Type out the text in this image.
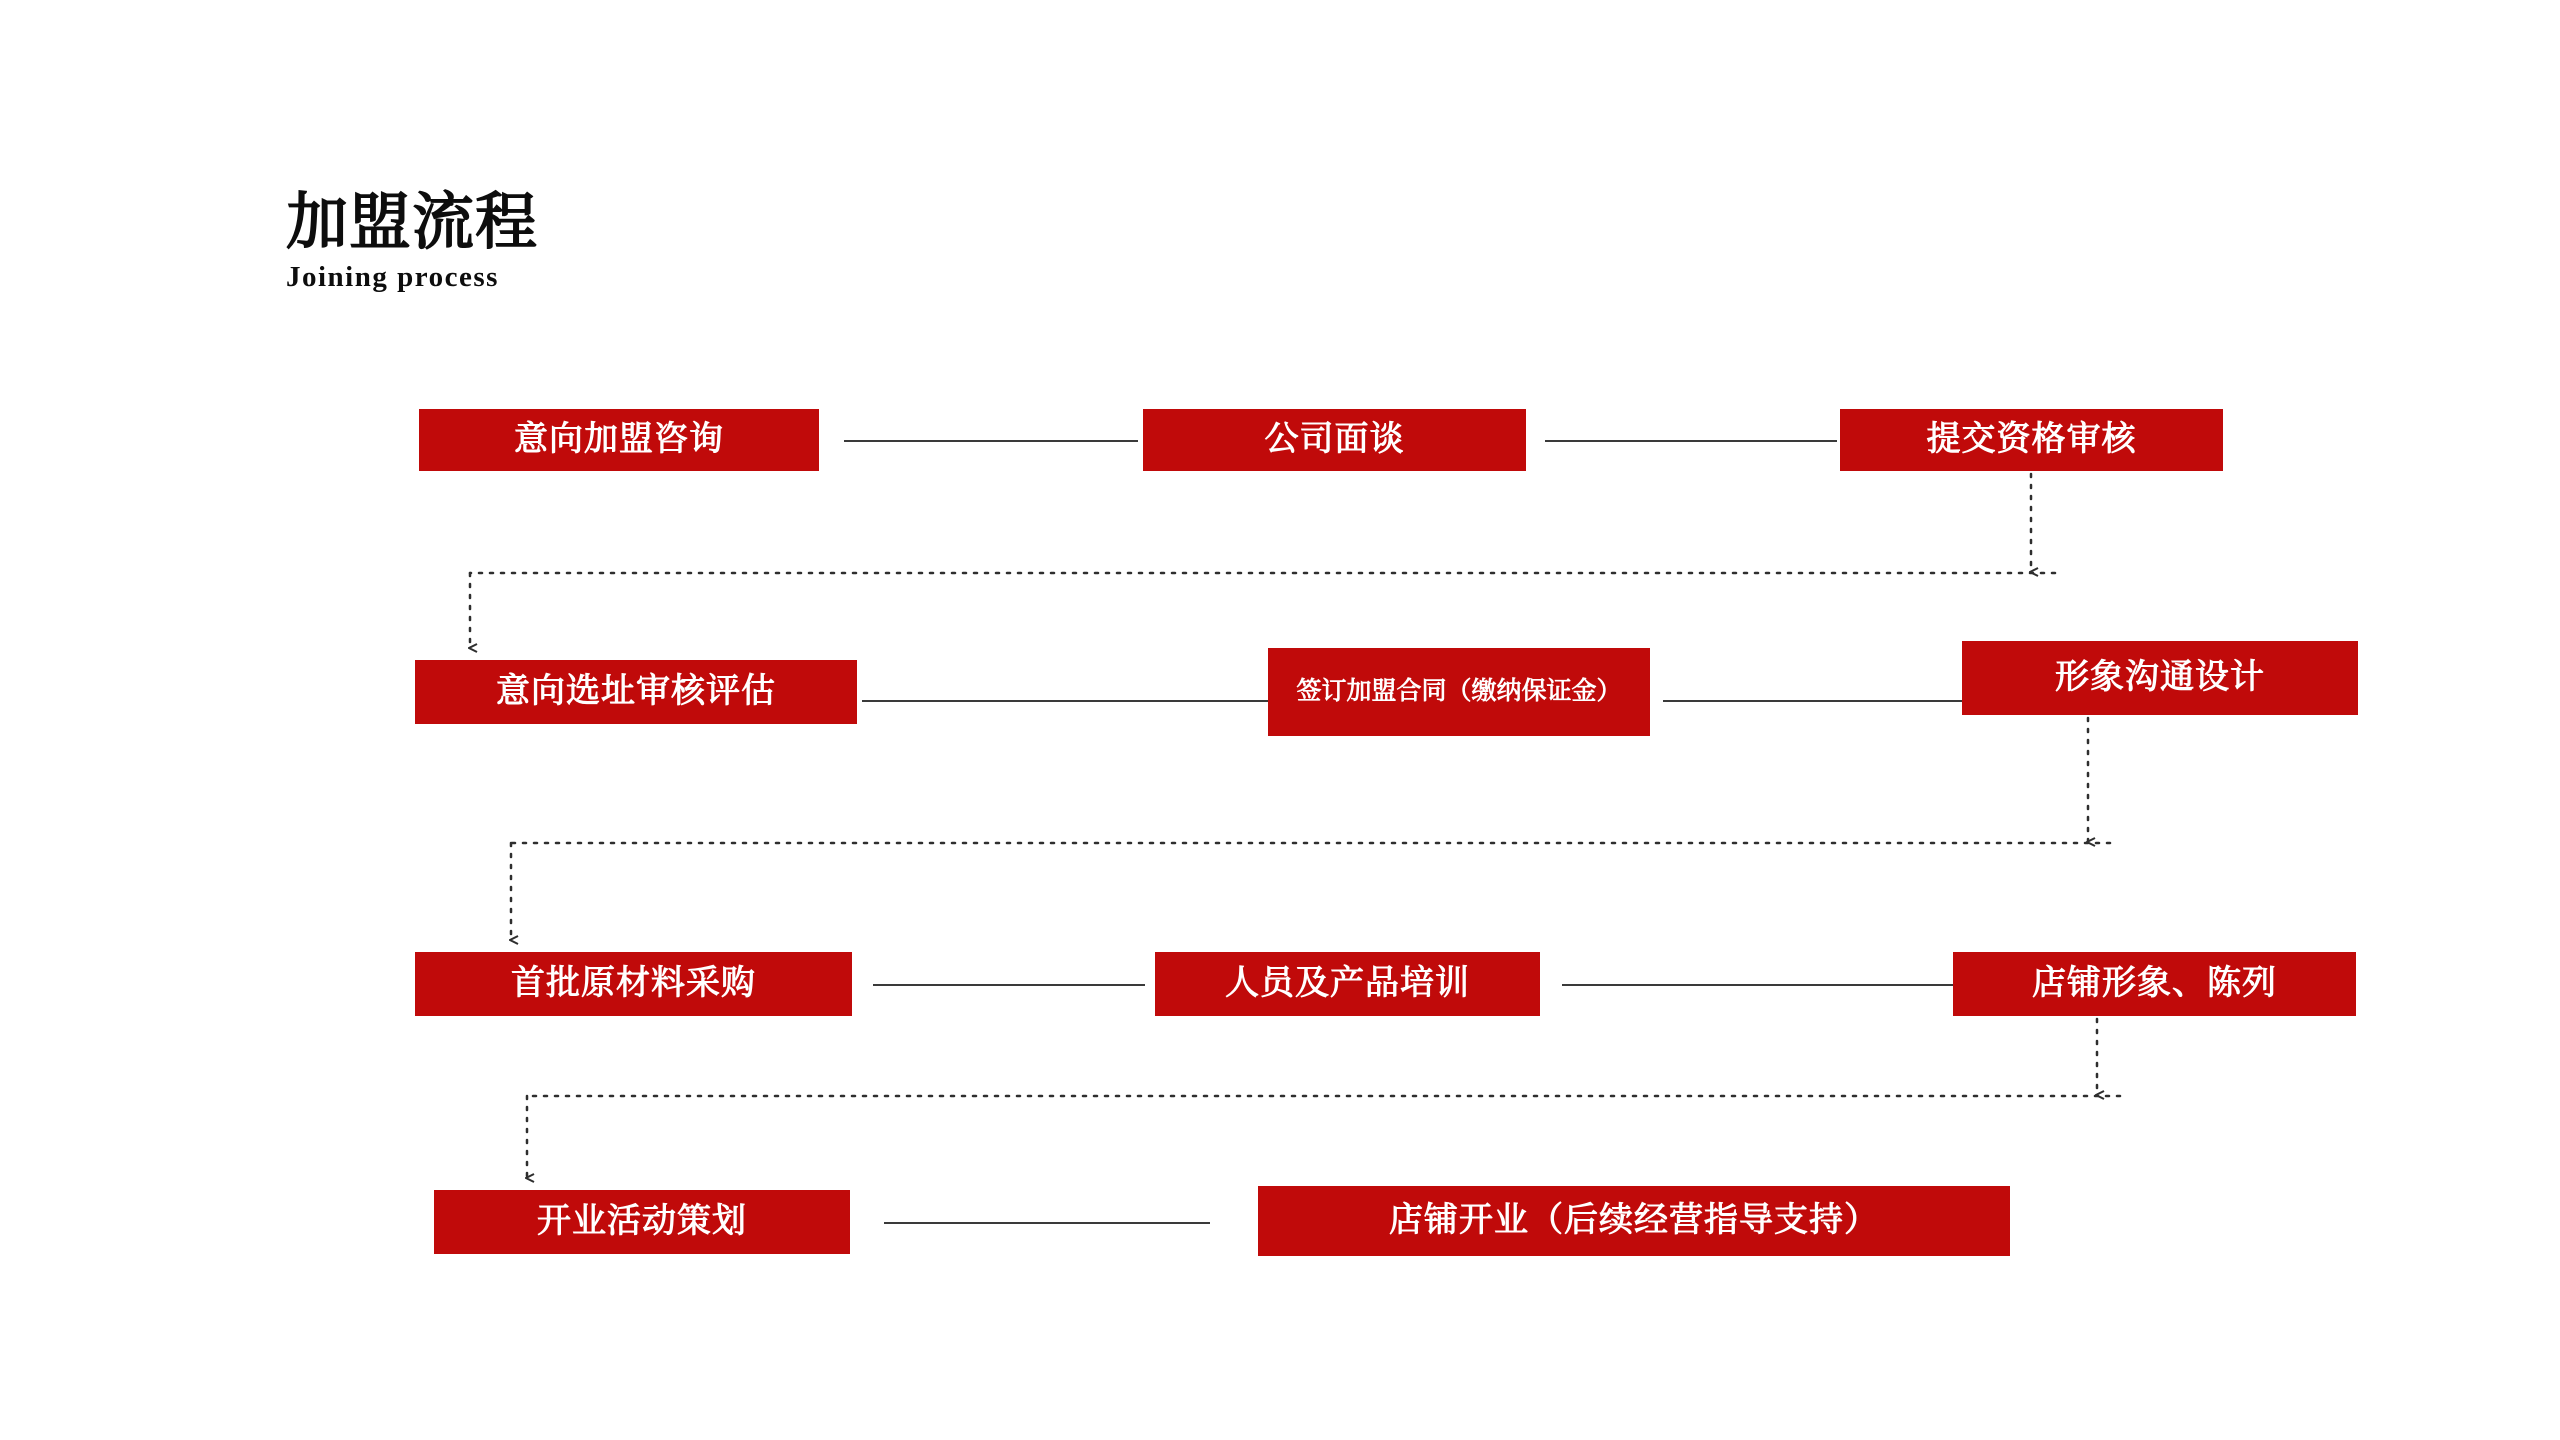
加盟流程
Joining process
意向加盟咨询	公司面谈	提交资格审核
意向选址审核评估	签订加盟合同（缴纳保证金）	形象沟通设计
首批原材料采购	人员及产品培训	店铺形象、陈列
开业活动策划	店铺开业（后续经营指导支持）
